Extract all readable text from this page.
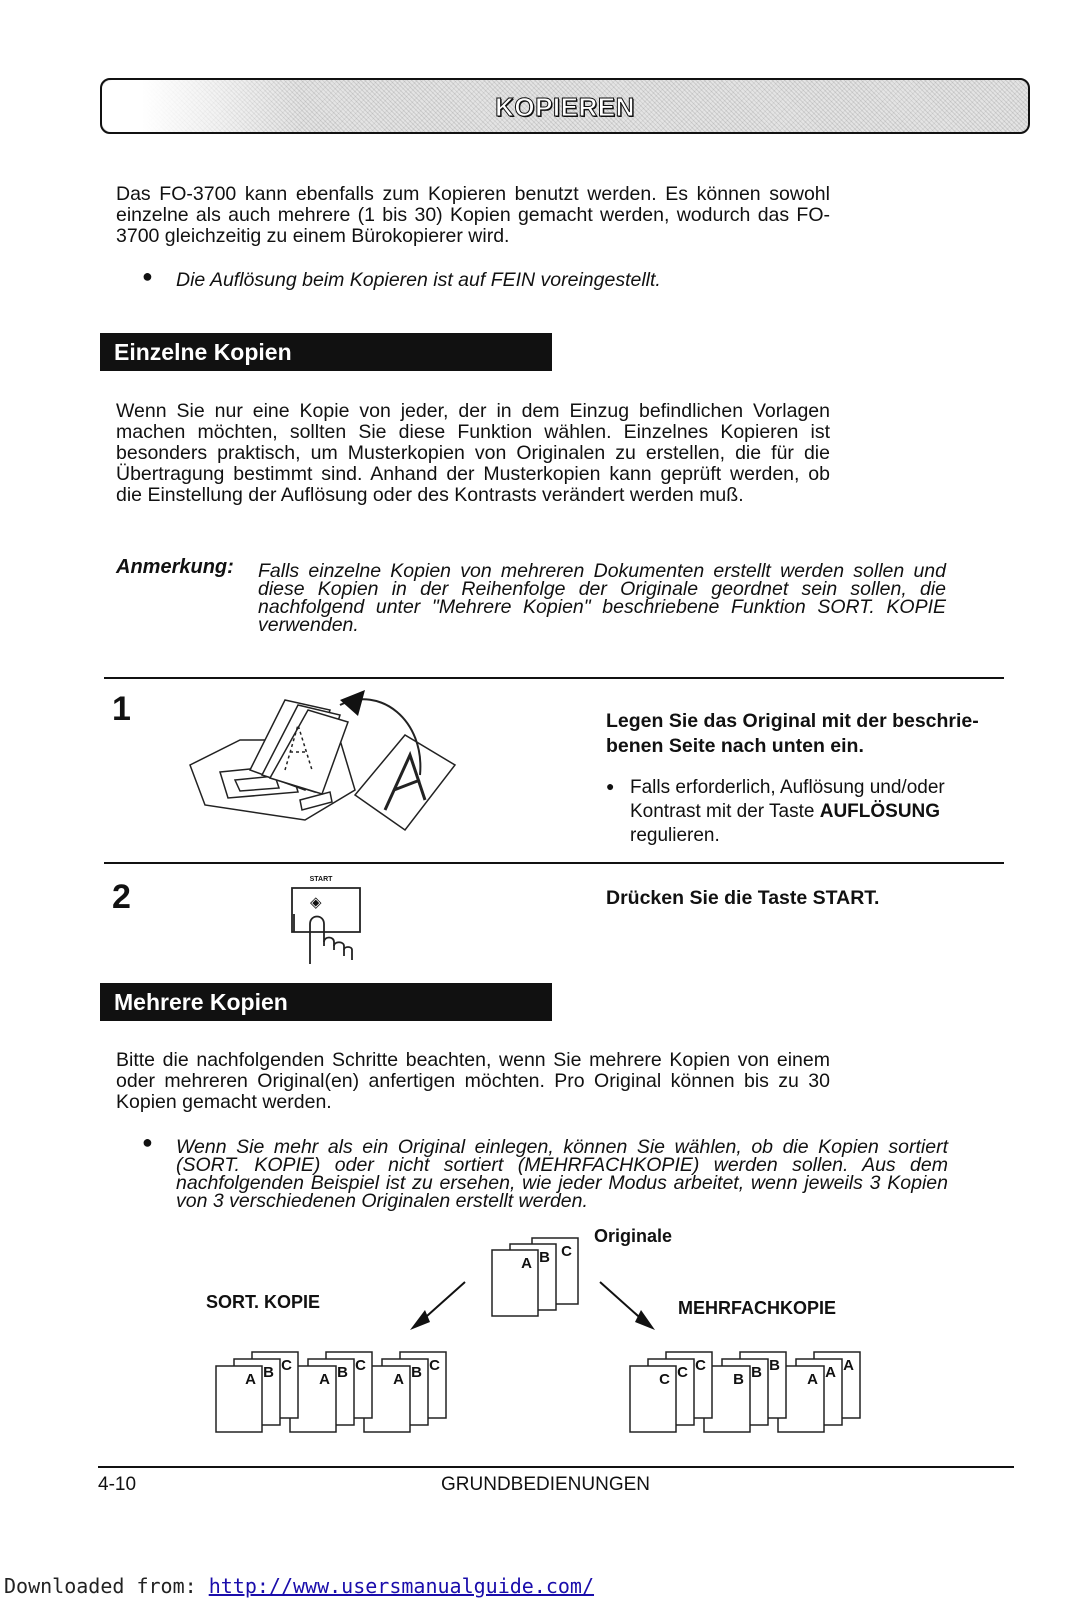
KOPIEREN
Das FO-3700 kann ebenfalls zum Kopieren benutzt werden. Es können sowohl einzelne als auch mehrere (1 bis 30) Kopien gemacht werden, wodurch das FO-3700 gleichzeitig zu einem Bürokopierer wird.
● Die Auflösung beim Kopieren ist auf FEIN voreingestellt.
Einzelne Kopien
Wenn Sie nur eine Kopie von jeder, der in dem Einzug befindlichen Vorlagen machen möchten, sollten Sie diese Funktion wählen. Einzelnes Kopieren ist besonders praktisch, um Musterkopien von Originalen zu erstellen, die für die Übertragung bestimmt sind. Anhand der Musterkopien kann geprüft werden, ob die Einstellung der Auflösung oder des Kontrasts verändert werden muß.
Anmerkung: Falls einzelne Kopien von mehreren Dokumenten erstellt werden sollen und diese Kopien in der Reihenfolge der Originale geordnet sein sollen, die nachfolgend unter "Mehrere Kopien" beschriebene Funktion SORT. KOPIE verwenden.
1	Legen Sie das Original mit der beschrie-benen Seite nach unten ein.
● Falls erforderlich, Auflösung und/oder Kontrast mit der Taste AUFLÖSUNG regulieren.
2	START
◈	Drücken Sie die Taste START.
Mehrere Kopien
Bitte die nachfolgenden Schritte beachten, wenn Sie mehrere Kopien von einem oder mehreren Original(en) anfertigen möchten. Pro Original können bis zu 30 Kopien gemacht werden.
● Wenn Sie mehr als ein Original einlegen, können Sie wählen, ob die Kopien sortiert (SORT. KOPIE) oder nicht sortiert (MEHRFACHKOPIE) werden sollen. Aus dem nachfolgenden Beispiel ist zu ersehen, wie jeder Modus arbeitet, wenn jeweils 3 Kopien von 3 verschiedenen Originalen erstellt werden.
Originale
SORT. KOPIE	MEHRFACHKOPIE
C
B
A
C
B
A
C
B
A
C
B
A
A
A
A
B
B
B
C
C
C
4-10	GRUNDBEDIENUNGEN
Downloaded from: http://www.usersmanualguide.com/
